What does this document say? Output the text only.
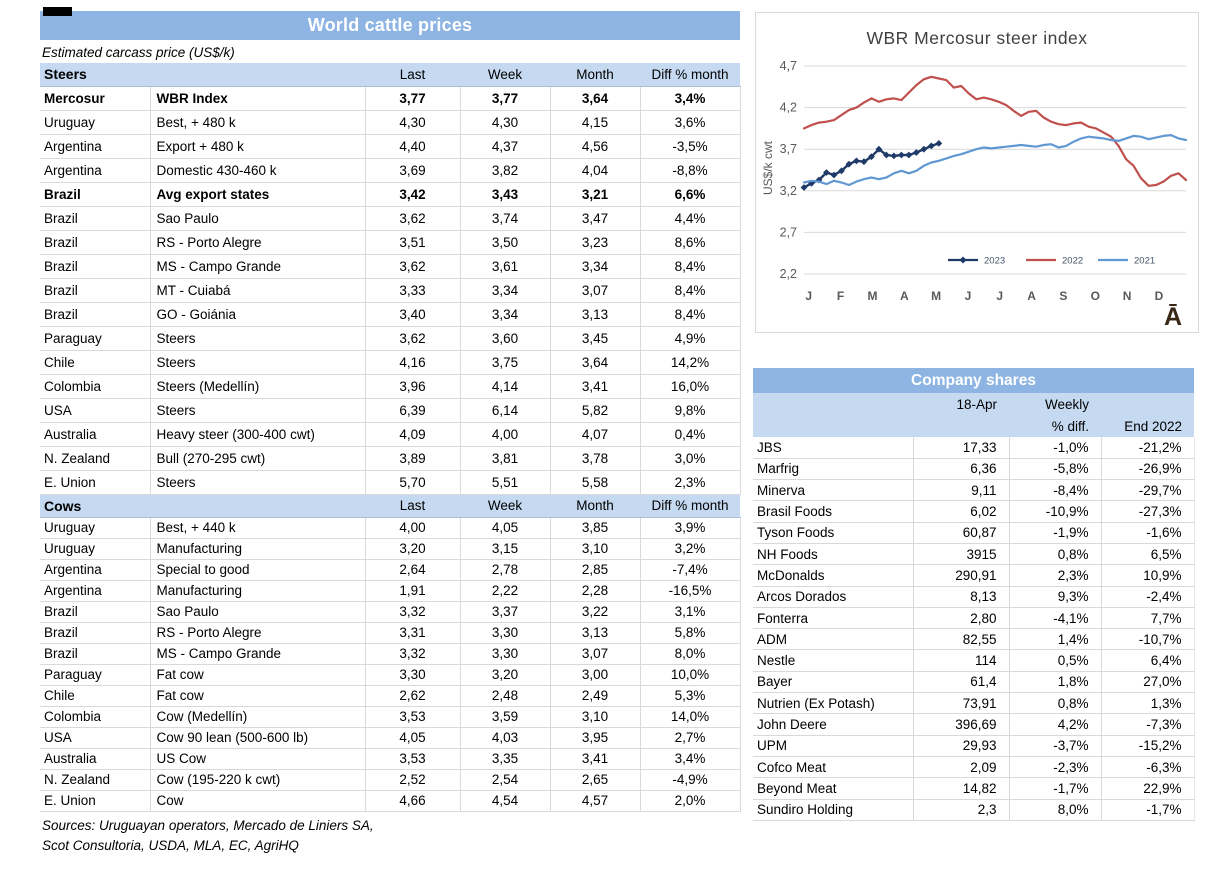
World cattle prices
Estimated carcass price (US$/k)
Steers		Last	Week	Month	Diff % month
Mercosur	WBR Index	3,77	3,77	3,64	3,4%
Uruguay	Best, + 480 k	4,30	4,30	4,15	3,6%
Argentina	Export + 480 k	4,40	4,37	4,56	-3,5%
Argentina	Domestic 430-460 k	3,69	3,82	4,04	-8,8%
Brazil	Avg export states	3,42	3,43	3,21	6,6%
Brazil	Sao Paulo	3,62	3,74	3,47	4,4%
Brazil	RS - Porto Alegre	3,51	3,50	3,23	8,6%
Brazil	MS - Campo Grande	3,62	3,61	3,34	8,4%
Brazil	MT - Cuiabá	3,33	3,34	3,07	8,4%
Brazil	GO - Goiánia	3,40	3,34	3,13	8,4%
Paraguay	Steers	3,62	3,60	3,45	4,9%
Chile	Steers	4,16	3,75	3,64	14,2%
Colombia	Steers (Medellín)	3,96	4,14	3,41	16,0%
USA	Steers	6,39	6,14	5,82	9,8%
Australia	Heavy steer (300-400 cwt)	4,09	4,00	4,07	0,4%
N. Zealand	Bull (270-295 cwt)	3,89	3,81	3,78	3,0%
E. Union	Steers	5,70	5,51	5,58	2,3%
Cows		Last	Week	Month	Diff % month
Uruguay	Best, + 440 k	4,00	4,05	3,85	3,9%
Uruguay	Manufacturing	3,20	3,15	3,10	3,2%
Argentina	Special to good	2,64	2,78	2,85	-7,4%
Argentina	Manufacturing	1,91	2,22	2,28	-16,5%
Brazil	Sao Paulo	3,32	3,37	3,22	3,1%
Brazil	RS - Porto Alegre	3,31	3,30	3,13	5,8%
Brazil	MS - Campo Grande	3,32	3,30	3,07	8,0%
Paraguay	Fat cow	3,30	3,20	3,00	10,0%
Chile	Fat cow	2,62	2,48	2,49	5,3%
Colombia	Cow (Medellín)	3,53	3,59	3,10	14,0%
USA	Cow 90 lean (500-600 lb)	4,05	4,03	3,95	2,7%
Australia	US Cow	3,53	3,35	3,41	3,4%
N. Zealand	Cow (195-220 k cwt)	2,52	2,54	2,65	-4,9%
E. Union	Cow	4,66	4,54	4,57	2,0%
Sources: Uruguayan operators, Mercado de Liniers SA,
Scot Consultoria, USDA, MLA, EC, AgriHQ
4,7
4,2
3,7
3,2
2,7
2,2
J F M A M J J A S O N D
2023	2022	2021
WBR Mercosur steer index
US$/k cwt
Ā
Company shares
	18-Apr	Weekly	
		% diff.	End 2022
JBS	17,33	-1,0%	-21,2%
Marfrig	6,36	-5,8%	-26,9%
Minerva	9,11	-8,4%	-29,7%
Brasil Foods	6,02	-10,9%	-27,3%
Tyson Foods	60,87	-1,9%	-1,6%
NH Foods	3915	0,8%	6,5%
McDonalds	290,91	2,3%	10,9%
Arcos Dorados	8,13	9,3%	-2,4%
Fonterra	2,80	-4,1%	7,7%
ADM	82,55	1,4%	-10,7%
Nestle	114	0,5%	6,4%
Bayer	61,4	1,8%	27,0%
Nutrien (Ex Potash)	73,91	0,8%	1,3%
John Deere	396,69	4,2%	-7,3%
UPM	29,93	-3,7%	-15,2%
Cofco Meat	2,09	-2,3%	-6,3%
Beyond Meat	14,82	-1,7%	22,9%
Sundiro Holding	2,3	8,0%	-1,7%
